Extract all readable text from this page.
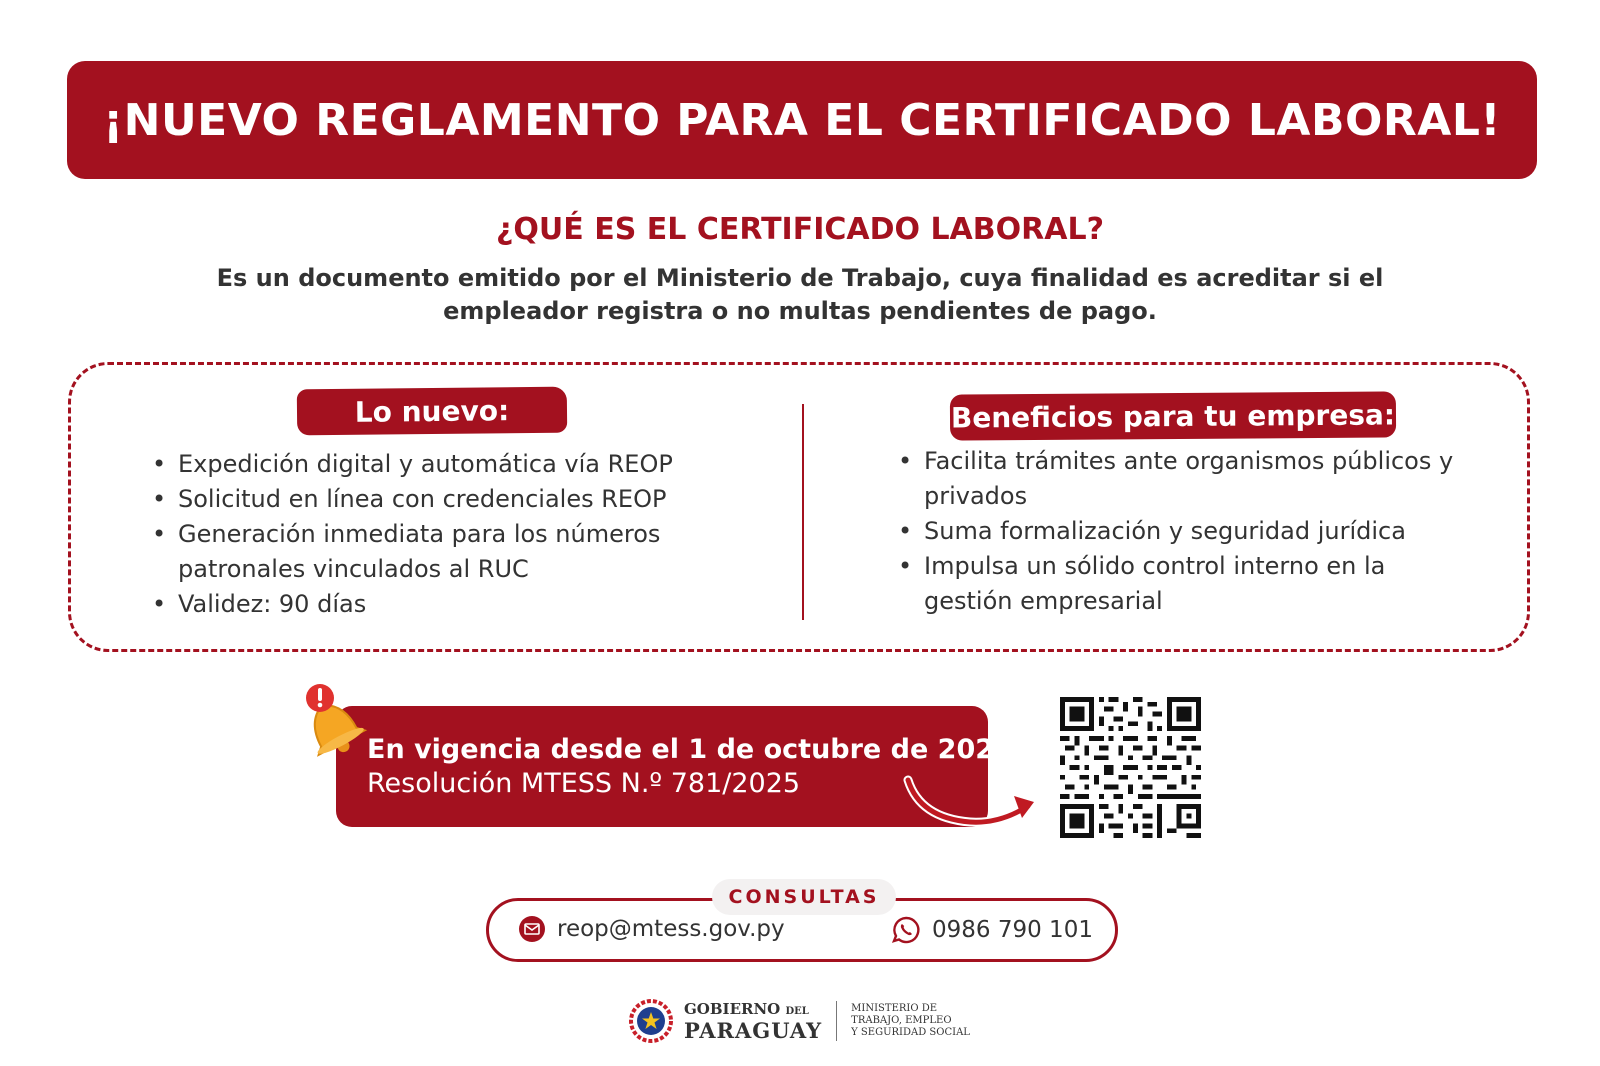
¡NUEVO REGLAMENTO PARA EL CERTIFICADO LABORAL!
¿QUÉ ES EL CERTIFICADO LABORAL?

Es un documento emitido por el Ministerio de Trabajo, cuya finalidad es acreditar si el empleador registra o no multas pendientes de pago.

Lo nuevo:
• Expedición digital y automática vía REOP
• Solicitud en línea con credenciales REOP
• Generación inmediata para los números patronales vinculados al RUC
• Validez: 90 días
Beneficios para tu empresa:
• Facilita trámites ante organismos públicos y privados
• Suma formalización y seguridad jurídica
• Impulsa un sólido control interno en la gestión empresarial

En vigencia desde el 1 de octubre de 2025

Resolución MTESS N.º 781/2025

CONSULTAS
reop@mtess.gov.py	0986 790 101
GOBIERNO DEL
PARAGUAY
MINISTERIO DE
TRABAJO, EMPLEO
Y SEGURIDAD SOCIAL
